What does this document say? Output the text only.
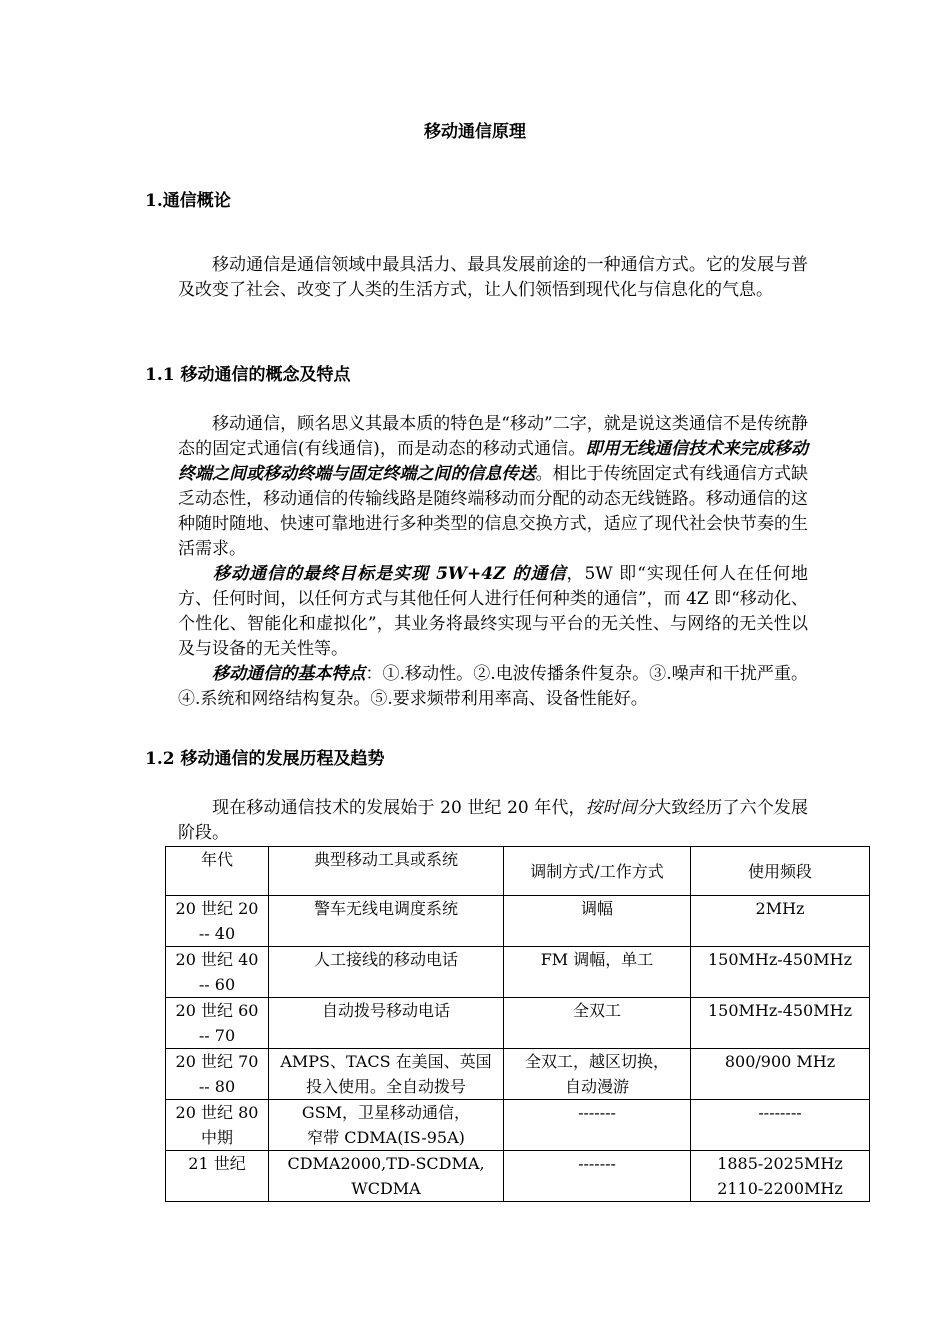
移动通信原理
1.通信概论

移动通信是通信领域中最具活力、最具发展前途的一种通信方式。它的发展与普及改变了社会、改变了人类的生活方式，让人们领悟到现代化与信息化的气息。

1.1 移动通信的概念及特点

移动通信，顾名思义其最本质的特色是“移动”二字，就是说这类通信不是传统静态的固定式通信(有线通信)，而是动态的移动式通信。即用无线通信技术来完成移动终端之间或移动终端与固定终端之间的信息传送。相比于传统固定式有线通信方式缺乏动态性，移动通信的传输线路是随终端移动而分配的动态无线链路。移动通信的这种随时随地、快速可靠地进行多种类型的信息交换方式，适应了现代社会快节奏的生活需求。

移动通信的最终目标是实现 5W+4Z 的通信，5W 即“实现任何人在任何地方、任何时间，以任何方式与其他任何人进行任何种类的通信”，而 4Z 即“移动化、个性化、智能化和虚拟化”，其业务将最终实现与平台的无关性、与网络的无关性以及与设备的无关性等。

移动通信的基本特点：①.移动性。②.电波传播条件复杂。③.噪声和干扰严重。④.系统和网络结构复杂。⑤.要求频带利用率高、设备性能好。

1.2 移动通信的发展历程及趋势

现在移动通信技术的发展始于 20 世纪 20 年代，按时间分大致经历了六个发展阶段。

年代	典型移动工具或系统	调制方式/工作方式	使用频段

20 世纪 20
-- 40	警车无线电调度系统	调幅	2MHz

20 世纪 40
-- 60	人工接线的移动电话	FM 调幅，单工	150MHz-450MHz

20 世纪 60
-- 70	自动拨号移动电话	全双工	150MHz-450MHz

20 世纪 70
-- 80	AMPS、TACS 在美国、英国
投入使用。全自动拨号	全双工，越区切换，
自动漫游	800/900 MHz

20 世纪 80
中期	GSM，卫星移动通信，
窄带 CDMA(IS-95A)	-------	--------

21 世纪	CDMA2000,TD-SCDMA,
WCDMA	-------	1885-2025MHz
2110-2200MHz
